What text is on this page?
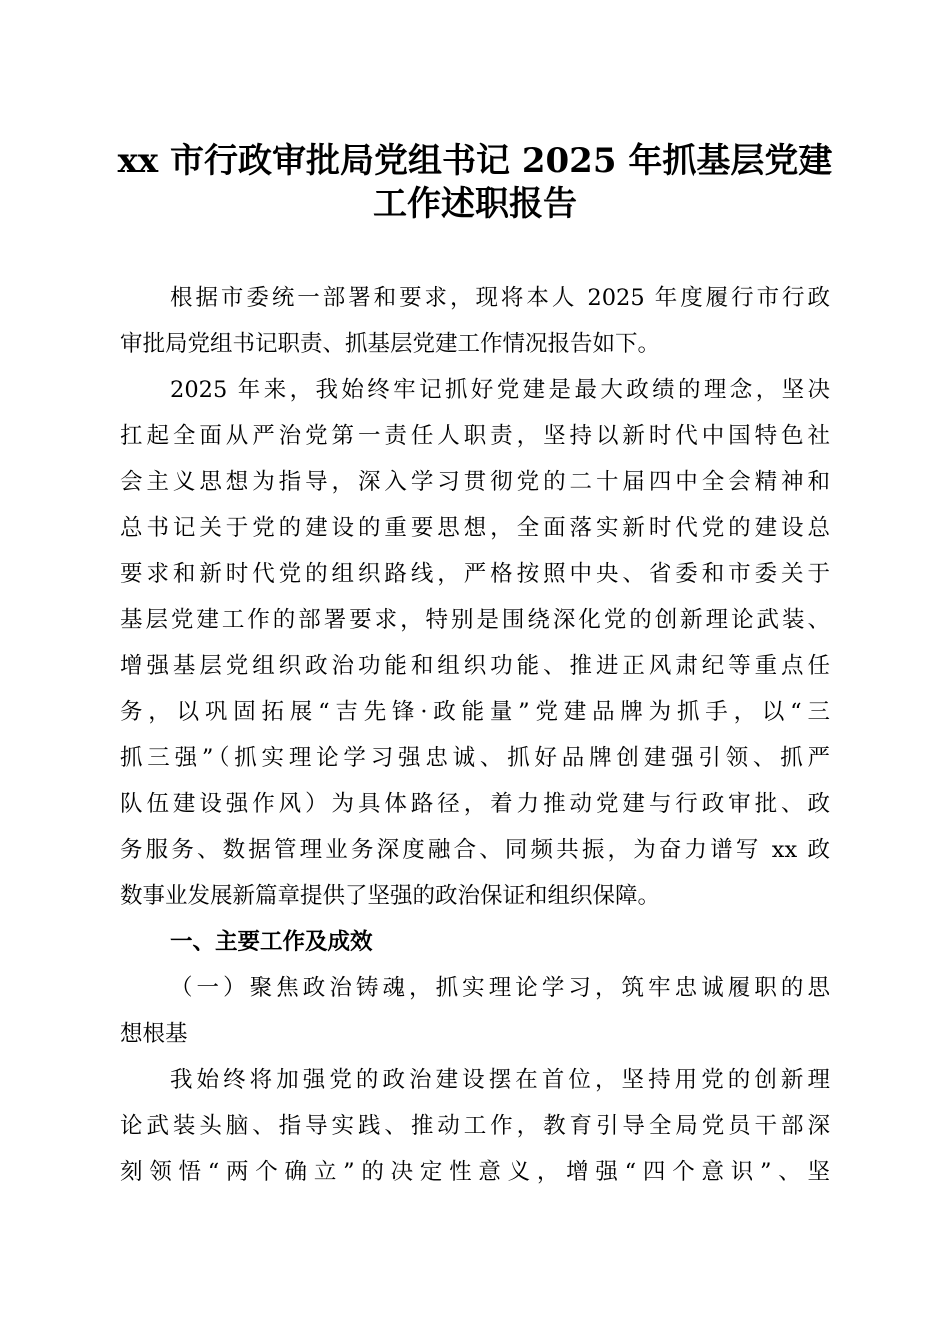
xx 市行政审批局党组书记 2025 年抓基层党建
工作述职报告
根据市委统一部署和要求，现将本人 2025 年度履行市行政
审批局党组书记职责、抓基层党建工作情况报告如下。
2025 年来，我始终牢记抓好党建是最大政绩的理念，坚决
扛起全面从严治党第一责任人职责，坚持以新时代中国特色社
会主义思想为指导，深入学习贯彻党的二十届四中全会精神和
总书记关于党的建设的重要思想，全面落实新时代党的建设总
要求和新时代党的组织路线，严格按照中央、省委和市委关于
基层党建工作的部署要求，特别是围绕深化党的创新理论武装、
增强基层党组织政治功能和组织功能、推进正风肃纪等重点任
务，以巩固拓展“吉先锋·政能量”党建品牌为抓手，以“三
抓三强”（抓实理论学习强忠诚、抓好品牌创建强引领、抓严
队伍建设强作风）为具体路径，着力推动党建与行政审批、政
务服务、数据管理业务深度融合、同频共振，为奋力谱写 xx 政
数事业发展新篇章提供了坚强的政治保证和组织保障。
一、主要工作及成效
（一）聚焦政治铸魂，抓实理论学习，筑牢忠诚履职的思
想根基
我始终将加强党的政治建设摆在首位，坚持用党的创新理
论武装头脑、指导实践、推动工作，教育引导全局党员干部深
刻领悟“两个确立”的决定性意义，增强“四个意识”、坚
